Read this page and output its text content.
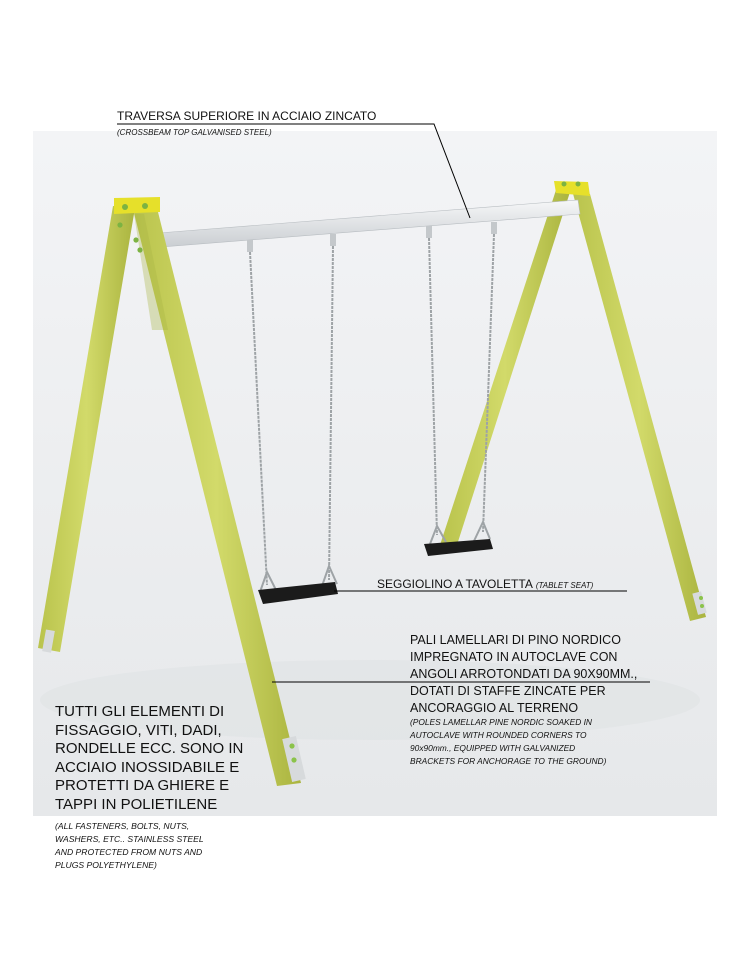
TRAVERSA SUPERIORE IN ACCIAIO ZINCATO
(CROSSBEAM TOP GALVANISED STEEL)
SEGGIOLINO A TAVOLETTA (TABLET SEAT)
PALI LAMELLARI DI PINO NORDICO
IMPREGNATO IN AUTOCLAVE CON
ANGOLI ARROTONDATI DA 90X90MM.,
DOTATI DI STAFFE ZINCATE PER
ANCORAGGIO AL TERRENO
(POLES LAMELLAR PINE NORDIC SOAKED IN
AUTOCLAVE WITH ROUNDED CORNERS TO
90x90mm., EQUIPPED WITH GALVANIZED
BRACKETS FOR ANCHORAGE TO THE GROUND)
TUTTI GLI ELEMENTI DI
FISSAGGIO, VITI, DADI,
RONDELLE ECC. SONO IN
ACCIAIO INOSSIDABILE E
PROTETTI DA GHIERE E
TAPPI IN POLIETILENE
(ALL FASTENERS, BOLTS, NUTS,
WASHERS, ETC.. STAINLESS STEEL
AND PROTECTED FROM NUTS AND
PLUGS POLYETHYLENE)
